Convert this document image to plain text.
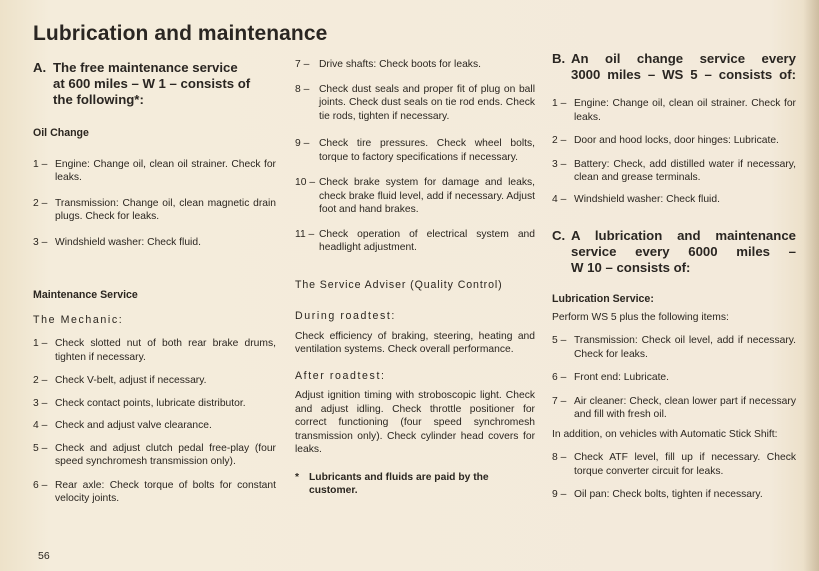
Lubrication and maintenance
A. The free maintenance service
at 600 miles – W 1 – consists of
the following*:
Oil Change
1 – Engine: Change oil, clean oil strainer. Check for leaks.
2 – Transmission: Change oil, clean magnetic drain plugs. Check for leaks.
3 – Windshield washer: Check fluid.
Maintenance Service
The Mechanic:
1 – Check slotted nut of both rear brake drums, tighten if necessary.
2 – Check V-belt, adjust if necessary.
3 – Check contact points, lubricate distributor.
4 – Check and adjust valve clearance.
5 – Check and adjust clutch pedal free-play (four speed synchromesh transmission only).
6 – Rear axle: Check torque of bolts for constant velocity joints.
7 – Drive shafts: Check boots for leaks.
8 – Check dust seals and proper fit of plug on ball joints. Check dust seals on tie rod ends. Check tie rods, tighten if necessary.
9 – Check tire pressures. Check wheel bolts, torque to factory specifications if necessary.
10 – Check brake system for damage and leaks, check brake fluid level, add if necessary. Adjust foot and hand brakes.
11 – Check operation of electrical system and headlight adjustment.
The Service Adviser (Quality Control)
During roadtest:
Check efficiency of braking, steering, heating and ventilation systems. Check overall performance.
After roadtest:
Adjust ignition timing with stroboscopic light. Check and adjust idling. Check throttle positioner for correct functioning (four speed synchromesh transmission only). Check cylinder head covers for leaks.
* Lubricants and fluids are paid by the customer.
B. An oil change service every
3000 miles – WS 5 – consists of:
1 – Engine: Change oil, clean oil strainer. Check for leaks.
2 – Door and hood locks, door hinges: Lubricate.
3 – Battery: Check, add distilled water if necessary, clean and grease terminals.
4 – Windshield washer: Check fluid.
C. A lubrication and maintenance
service every 6000 miles –
W 10 – consists of:
Lubrication Service:
Perform WS 5 plus the following items:
5 – Transmission: Check oil level, add if necessary. Check for leaks.
6 – Front end: Lubricate.
7 – Air cleaner: Check, clean lower part if necessary and fill with fresh oil.
In addition, on vehicles with Automatic Stick Shift:
8 – Check ATF level, fill up if necessary. Check torque converter circuit for leaks.
9 – Oil pan: Check bolts, tighten if necessary.
56
